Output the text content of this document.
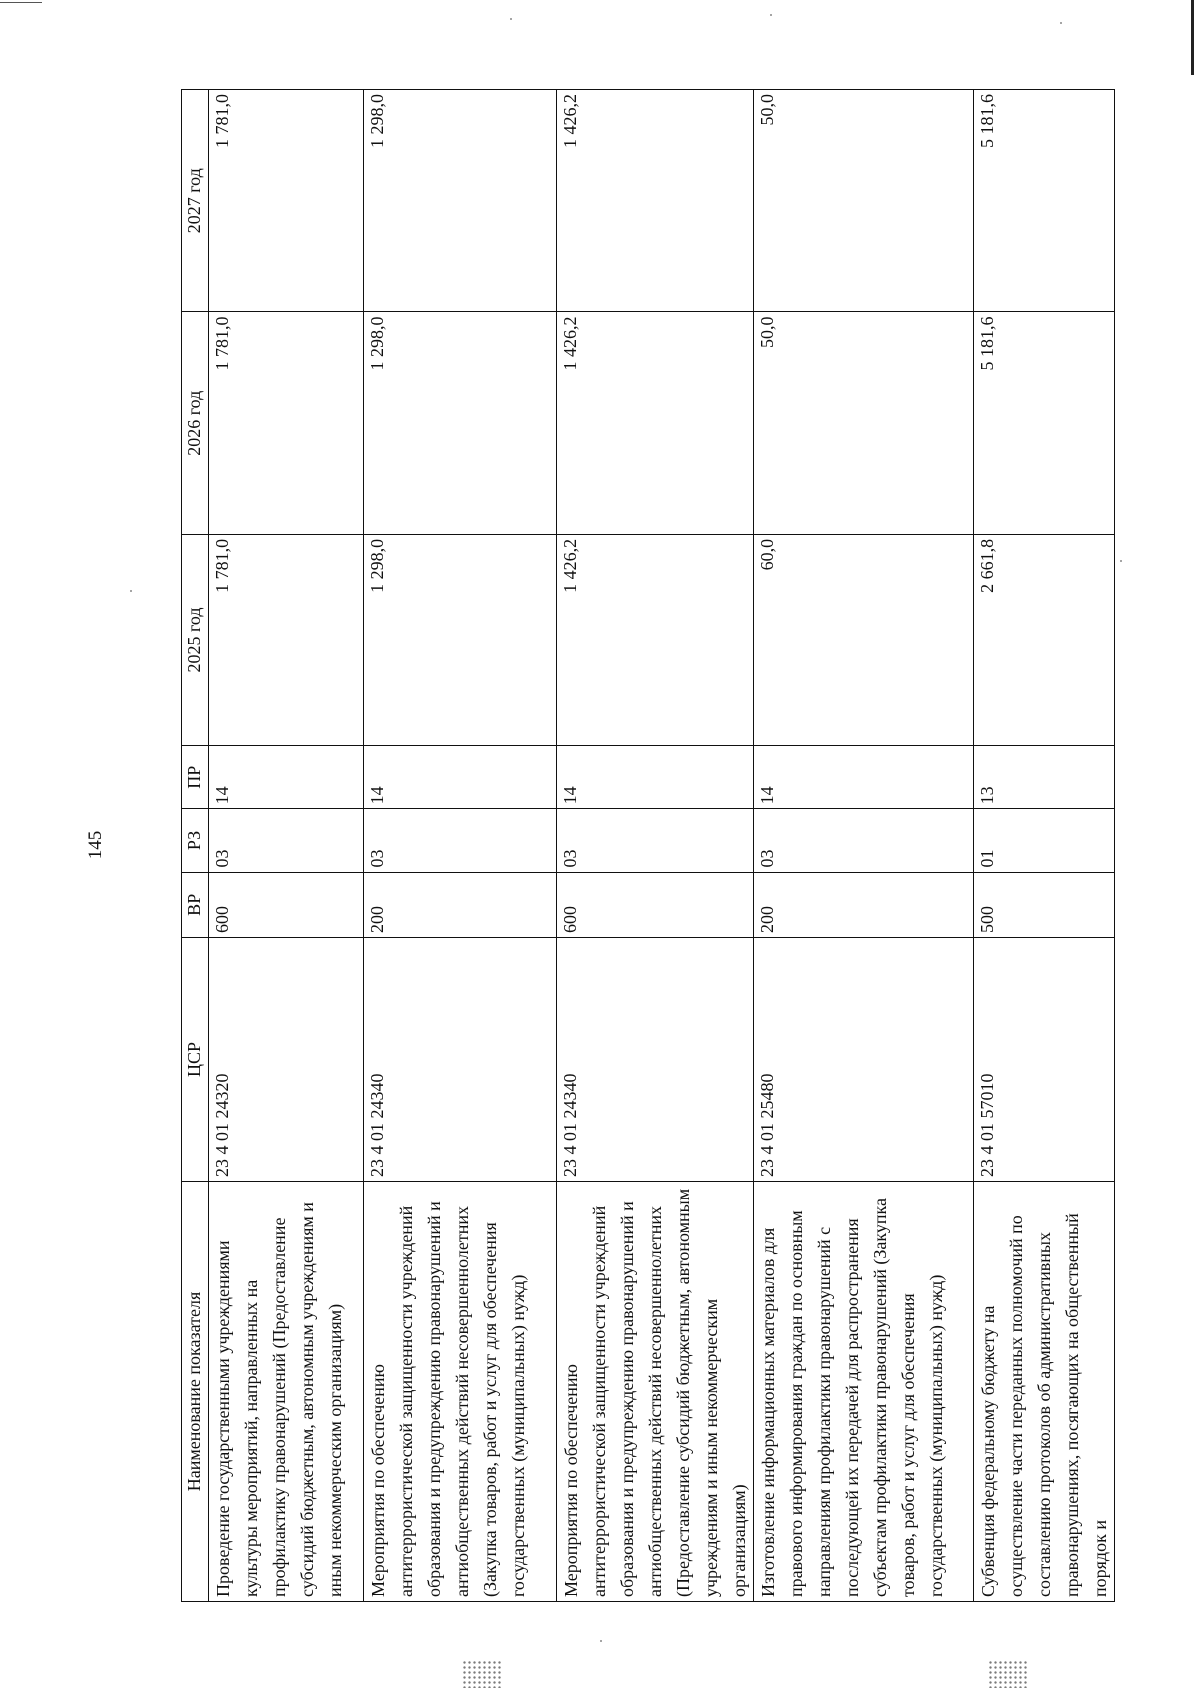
145
Наименование показателя	ЦСР	ВР	РЗ	ПР	2025 год	2026 год	2027 год
Проведение государственными учреждениями культуры мероприятий, направленных на профилактику правонарушений (Предоставление субсидий бюджетным, автономным учреждениям и иным некоммерческим организациям)	23 4 01 24320	600	03	14	1 781,0	1 781,0	1 781,0
Мероприятия по обеспечению антитеррористической защищенности учреждений образования и предупреждению правонарушений и антиобщественных действий несовершеннолетних (Закупка товаров, работ и услуг для обеспечения государственных (муниципальных) нужд)	23 4 01 24340	200	03	14	1 298,0	1 298,0	1 298,0
Мероприятия по обеспечению антитеррористической защищенности учреждений образования и предупреждению правонарушений и антиобщественных действий несовершеннолетних (Предоставление субсидий бюджетным, автономным учреждениям и иным некоммерческим организациям)	23 4 01 24340	600	03	14	1 426,2	1 426,2	1 426,2
Изготовление информационных материалов для правового информирования граждан по основным направлениям профилактики правонарушений с последующей их передачей для распространения субъектам профилактики правонарушений (Закупка товаров, работ и услуг для обеспечения государственных (муниципальных) нужд)	23 4 01 25480	200	03	14	60,0	50,0	50,0
Субвенция федеральному бюджету на осуществление части переданных полномочий по составлению протоколов об административных правонарушениях, посягающих на общественный порядок и	23 4 01 57010	500	01	13	2 661,8	5 181,6	5 181,6
